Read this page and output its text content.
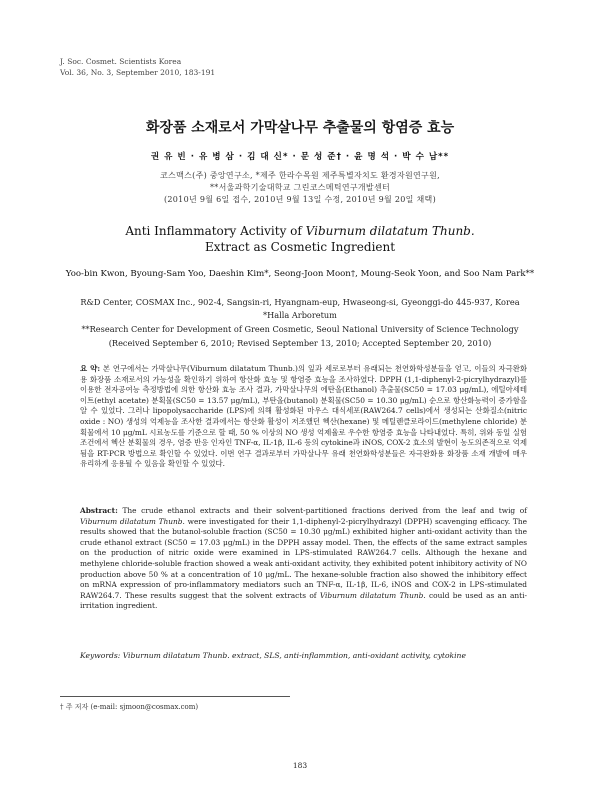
J. Soc. Cosmet. Scientists Korea
Vol. 36, No. 3, September 2010, 183-191
화장품 소재로서 가막살나무 추출물의 항염증 효능
권 유 빈 · 유 병 삼 · 김 대 신* · 문 성 준† · 윤 명 석 · 박 수 남**
코스맥스(주) 중앙연구소, *제주 한라수목원 제주특별자치도 환경자원연구원,
**서울과학기술대학교 그린코스메틱연구개발센터
(2010년 9월 6일 접수, 2010년 9월 13일 수정, 2010년 9월 20일 채택)
Anti Inflammatory Activity of Viburnum dilatatum Thunb.
Extract as Cosmetic Ingredient
Yoo-bin Kwon, Byoung-Sam Yoo, Daeshin Kim*, Seong-Joon Moon†, Moung-Seok Yoon, and Soo Nam Park**
R&D Center, COSMAX Inc., 902-4, Sangsin-ri, Hyangnam-eup, Hwaseong-si, Gyeonggi-do 445-937, Korea
*Halla Arboretum
**Research Center for Development of Green Cosmetic, Seoul National University of Science Technology
(Received September 6, 2010; Revised September 13, 2010; Accepted September 20, 2010)
요 약: 본 연구에서는 가막살나무(Viburnum dilatatum Thunb.)의 잎과 세로로부터 유래되는 천연화학성분들을 얻고, 이들의 자극완화용 화장품 소재로서의 가능성을 확인하기 위하여 항산화 효능 및 항염증 효능을 조사하였다. DPPH (1,1-diphenyl-2-picrylhydrazyl)를 이용한 전자공여능 측정방법에 의한 항산화 효능 조사 결과, 가막살나무의 에탄올(Ethanol) 추출물(SC50 = 17.03 μg/mL), 에틸아세테이트(ethyl acetate) 분획물(SC50 = 13.57 μg/mL), 부탄올(butanol) 분획물(SC50 = 10.30 μg/mL) 순으로 항산화능력이 증가함을 알 수 있었다. 그러나 lipopolysaccharide (LPS)에 의해 활성화된 마우스 대식세포(RAW264.7 cells)에서 생성되는 산화질소(nitric oxide : NO) 생성의 억제능을 조사한 결과에서는 항산화 활성이 저조했던 헥산(hexane) 및 메틸렌클로라이드(methylene chloride) 분획물에서 10 μg/mL 시료농도를 기준으로 할 때, 50 % 이상의 NO 생성 억제율로 우수한 항염증 효능을 나타내었다. 특히, 위와 동일 실험 조건에서 헥산 분획물의 경우, 염증 반응 인자인 TNF-α, IL-1β, IL-6 등의 cytokine과 iNOS, COX-2 효소의 발현이 농도의존적으로 억제됨을 RT-PCR 방법으로 확인할 수 있었다. 이번 연구 결과로부터 가막살나무 유래 천연화학성분들은 자극완화용 화장품 소재 개발에 매우 유리하게 응용될 수 있음을 확인할 수 있었다.
Abstract: The crude ethanol extracts and their solvent-partitioned fractions derived from the leaf and twig of Viburnum dilatatum Thunb. were investigated for their 1,1-diphenyl-2-picrylhydrazyl (DPPH) scavenging efficacy. The results showed that the butanol-soluble fraction (SC50 = 10.30 μg/mL) exhibited higher anti-oxidant activity than the crude ethanol extract (SC50 = 17.03 μg/mL) in the DPPH assay model. Then, the effects of the same extract samples on the production of nitric oxide were examined in LPS-stimulated RAW264.7 cells. Although the hexane and methylene chloride-soluble fraction showed a weak anti-oxidant activity, they exhibited potent inhibitory activity of NO production above 50 % at a concentration of 10 μg/mL. The hexane-soluble fraction also showed the inhibitory effect on mRNA expression of pro-inflammatory mediators such an TNF-α, IL-1β, IL-6, iNOS and COX-2 in LPS-stimulated RAW264.7. These results suggest that the solvent extracts of Viburnum dilatatum Thunb. could be used as an anti-irritation ingredient.
Keywords: Viburnum dilatatum Thunb. extract, SLS, anti-inflammtion, anti-oxidant activity, cytokine
† 주 저자 (e-mail: sjmoon@cosmax.com)
183
